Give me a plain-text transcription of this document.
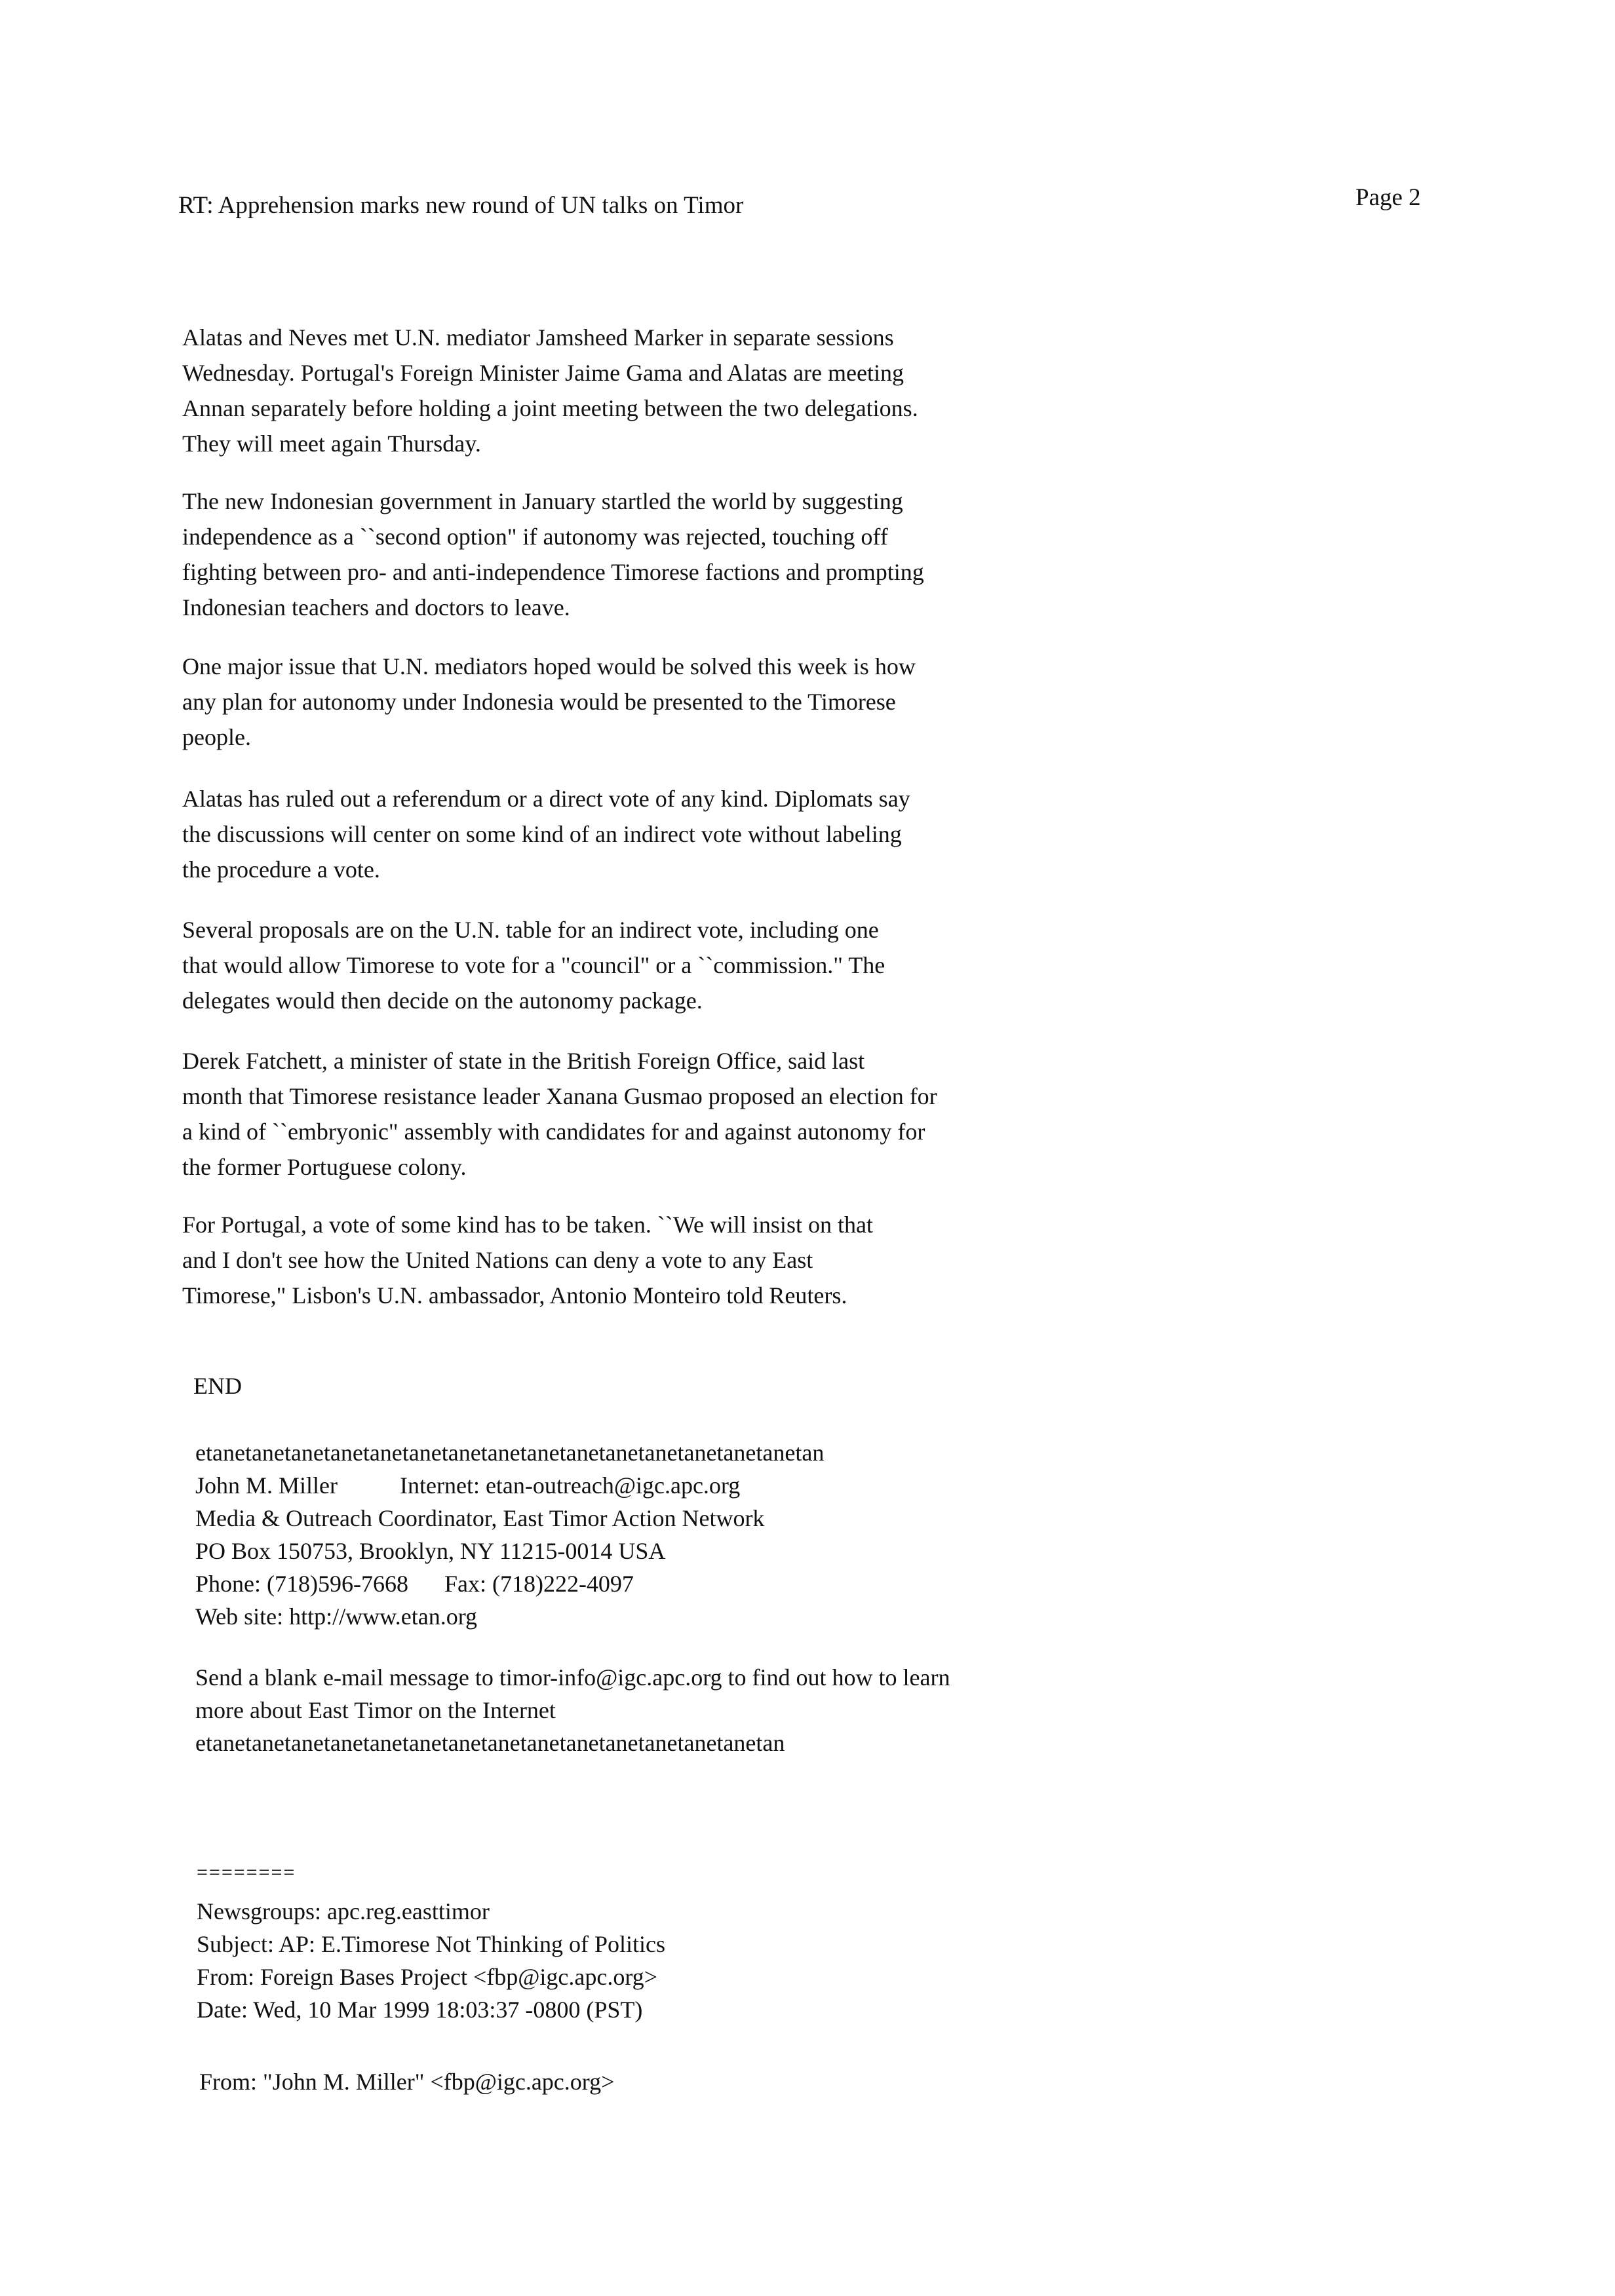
RT: Apprehension marks new round of UN talks on Timor	Page 2

Alatas and Neves met U.N. mediator Jamsheed Marker in separate sessions
Wednesday. Portugal's Foreign Minister Jaime Gama and Alatas are meeting
Annan separately before holding a joint meeting between the two delegations.
They will meet again Thursday.

The new Indonesian government in January startled the world by suggesting
independence as a ``second option" if autonomy was rejected, touching off
fighting between pro- and anti-independence Timorese factions and prompting
Indonesian teachers and doctors to leave.

One major issue that U.N. mediators hoped would be solved this week is how
any plan for autonomy under Indonesia would be presented to the Timorese
people.

Alatas has ruled out a referendum or a direct vote of any kind. Diplomats say
the discussions will center on some kind of an indirect vote without labeling
the procedure a vote.

Several proposals are on the U.N. table for an indirect vote, including one
that would allow Timorese to vote for a "council" or a ``commission." The
delegates would then decide on the autonomy package.

Derek Fatchett, a minister of state in the British Foreign Office, said last
month that Timorese resistance leader Xanana Gusmao proposed an election for
a kind of ``embryonic" assembly with candidates for and against autonomy for
the former Portuguese colony.

For Portugal, a vote of some kind has to be taken. ``We will insist on that
and I don't see how the United Nations can deny a vote to any East
Timorese," Lisbon's U.N. ambassador, Antonio Monteiro told Reuters.

END

etanetanetanetanetanetanetanetanetanetanetanetanetanetanetanetan
John M. Miller	Internet: etan-outreach@igc.apc.org
Media & Outreach Coordinator, East Timor Action Network
PO Box 150753, Brooklyn, NY 11215-0014 USA
Phone: (718)596-7668 Fax: (718)222-4097
Web site: http://www.etan.org
Send a blank e-mail message to timor-info@igc.apc.org to find out how to learn
more about East Timor on the Internet
etanetanetanetanetanetanetanetanetanetanetanetanetanetanetan

========

Newsgroups: apc.reg.easttimor
Subject: AP: E.Timorese Not Thinking of Politics
From: Foreign Bases Project <fbp@igc.apc.org>
Date: Wed, 10 Mar 1999 18:03:37 -0800 (PST)

From: "John M. Miller" <fbp@igc.apc.org>
